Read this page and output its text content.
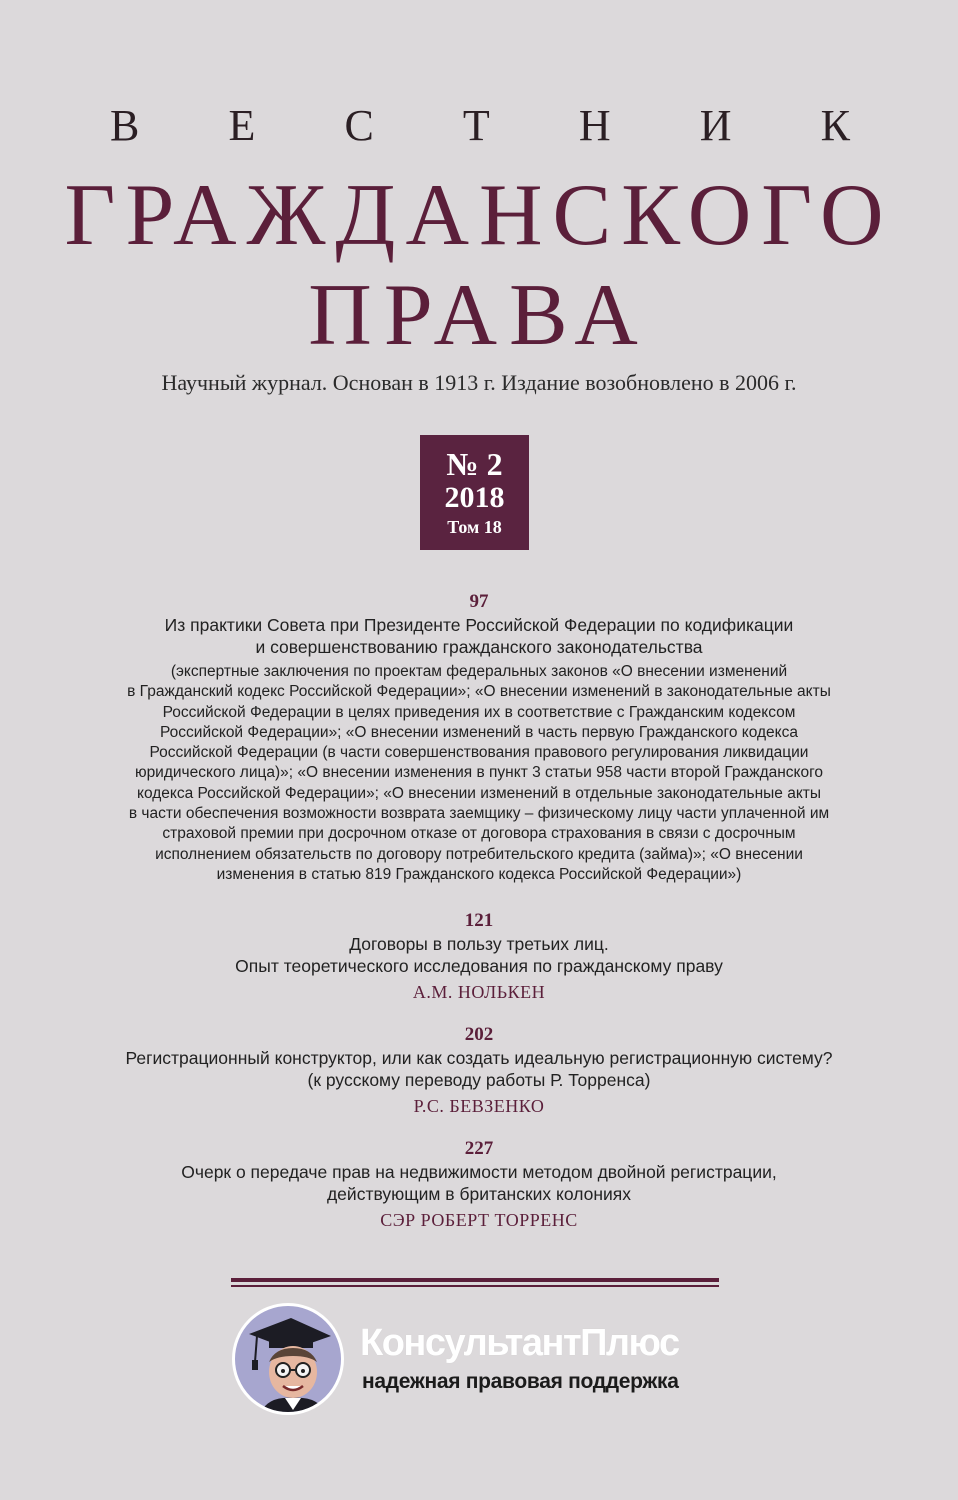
В Е С Т Н И К
ГРАЖДАНСКОГО
ПРАВА
Научный журнал. Основан в 1913 г. Издание возобновлено в 2006 г.
№ 2
2018
Том 18
97
Из практики Совета при Президенте Российской Федерации по кодификации
и совершенствованию гражданского законодательства
(экспертные заключения по проектам федеральных законов «О внесении изменений
в Гражданский кодекс Российской Федерации»; «О внесении изменений в законодательные акты
Российской Федерации в целях приведения их в соответствие с Гражданским кодексом
Российской Федерации»; «О внесении изменений в часть первую Гражданского кодекса
Российской Федерации (в части совершенствования правового регулирования ликвидации
юридического лица)»; «О внесении изменения в пункт 3 статьи 958 части второй Гражданского
кодекса Российской Федерации»; «О внесении изменений в отдельные законодательные акты
в части обеспечения возможности возврата заемщику – физическому лицу части уплаченной им
страховой премии при досрочном отказе от договора страхования в связи с досрочным
исполнением обязательств по договору потребительского кредита (займа)»; «О внесении
изменения в статью 819 Гражданского кодекса Российской Федерации»)
121
Договоры в пользу третьих лиц.
Опыт теоретического исследования по гражданскому праву
А.М. НОЛЬКЕН
202
Регистрационный конструктор, или как создать идеальную регистрационную систему?
(к русскому переводу работы Р. Торренса)
Р.С. БЕВЗЕНКО
227
Очерк о передаче прав на недвижимости методом двойной регистрации,
действующим в британских колониях
СЭР РОБЕРТ ТОРРЕНС
КонсультантПлюс
надежная правовая поддержка
